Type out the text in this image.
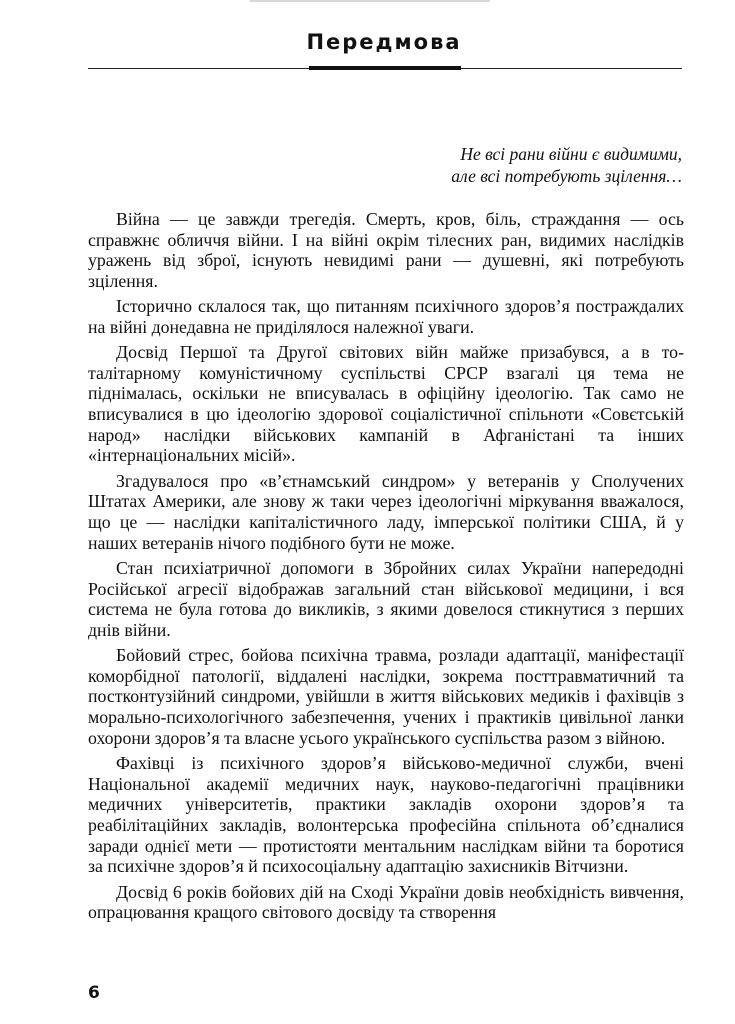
Передмова
Не всі рани війни є видимими,
але всі потребують зцілення…

Війна — це завжди трегедія. Смерть, кров, біль, страждання — ось справжнє обличчя війни. І на війні окрім тілесних ран, видимих наслідків уражень від зброї, існують невидимі рани — душевні, які потребують зцілення.

Історично склалося так, що питанням психічного здоров’я постраждалих на війні донедавна не приділялося належної уваги.

Досвід Першої та Другої світових війн майже призабувся, а в тоталітарному комуністичному суспільстві СРСР взагалі ця тема не піднімалась, оскільки не вписувалась в офіційну ідеологію. Так само не вписувалися в цю ідеологію здорової соціалістичної спільноти «Совєтській народ» наслідки військових кампаній в Афганістані та інших «інтернаціональних місій».

Згадувалося про «в’єтнамський синдром» у ветеранів у Сполучених Штатах Америки, але знову ж таки через ідеологічні міркування вважалося, що це — наслідки капіталістичного ладу, імперської політики США, й у наших ветеранів нічого подібного бути не може.

Стан психіатричної допомоги в Збройних силах України напередодні Російської агресії відображав загальний стан військової медицини, і вся система не була готова до викликів, з якими довелося стикнутися з перших днів війни.

Бойовий стрес, бойова психічна травма, розлади адаптації, маніфестації коморбідної патології, віддалені наслідки, зокрема посттравматичний та постконтузійний синдроми, увійшли в життя військових медиків і фахівців з морально-психологічного забезпечення, учених і практиків цивільної ланки охорони здоров’я та власне усього українського суспільства разом з війною.

Фахівці із психічного здоров’я військово-медичної служби, вчені Національної академії медичних наук, науково-педагогічні працівники медичних університетів, практики закладів охорони здоров’я та реабілітаційних закладів, волонтерська професійна спільнота об’єдналися заради однієї мети — протистояти ментальним наслідкам війни та боротися за психічне здоров’я й психосоціальну адаптацію захисників Вітчизни.

Досвід 6 років бойових дій на Сході України довів необхідність вивчення, опрацювання кращого світового досвіду та створення

6
